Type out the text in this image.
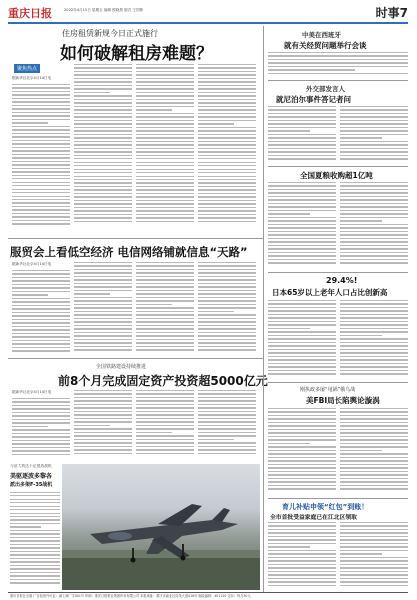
重庆日报	2022年4月15日 星期五 编辑 熊晓燕 版式 王国栋	时事7
住房租赁新规今日正式施行
如何破解租房难题？
聚焦热点
据新华社北京4月14日电
服贸会上看低空经济 电信网络铺就信息“天路”
据新华社北京4月14日电
全国铁路建设持续推进
前8个月完成固定资产投资超5000亿元
据新华社北京4月14日电
与意大利达不足挑选战机
美驱逐波多黎各
派出多架F-35战机
中美在西班牙
就有关经贸问题举行会谈
外交部发言人
就尼泊尔事件答记者问
全国夏粮收购超1亿吨
29.4%!
日本65岁以上老年人口占比创新高
刚执政多屡“甩锅”俄乌战
美FBI局长陷舆论漩涡
育儿补贴申领“红包”到账！
全市首批受益家庭已在江北区领取
重庆日报社出版 广告经营许可证：渝工商广字001号 印刷：重庆日报报业集团印务有限公司 本报地址：重庆市渝北区同茂大道416号 邮政编码：401120 定价：每月30元
